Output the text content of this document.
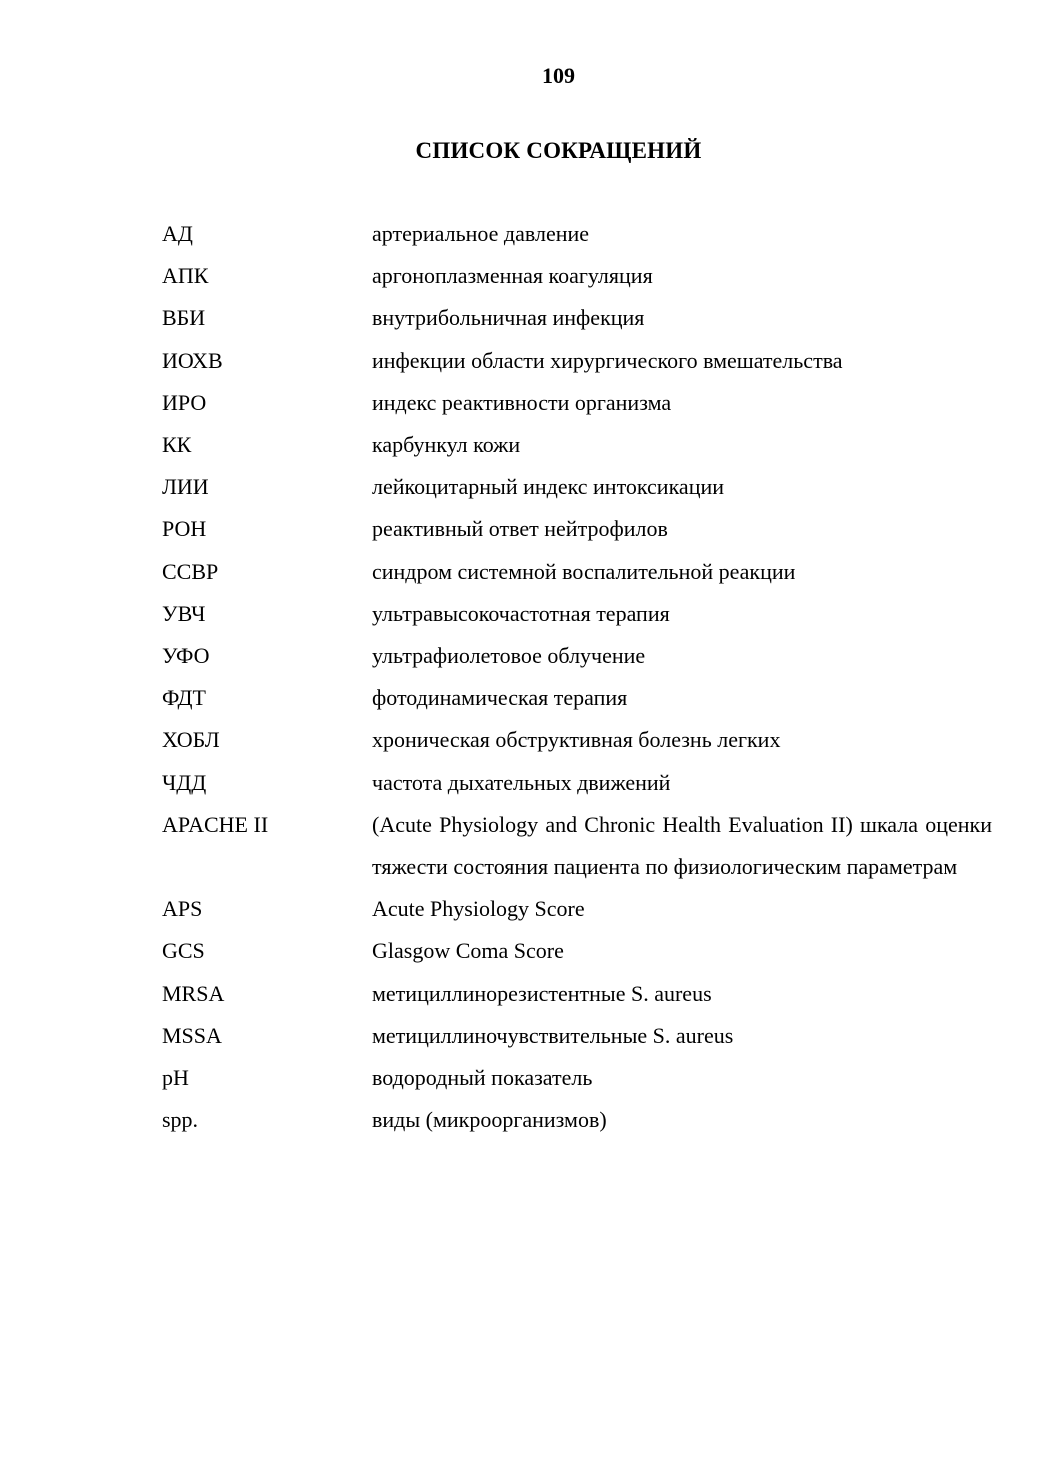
109
СПИСОК СОКРАЩЕНИЙ
АД	артериальное давление
АПК	аргоноплазменная коагуляция
ВБИ	внутрибольничная инфекция
ИОХВ	инфекции области хирургического вмешательства
ИРО	индекс реактивности организма
КК	карбункул кожи
ЛИИ	лейкоцитарный индекс интоксикации
РОН	реактивный ответ нейтрофилов
ССВР	синдром системной воспалительной реакции
УВЧ	ультравысокочастотная терапия
УФО	ультрафиолетовое облучение
ФДТ	фотодинамическая терапия
ХОБЛ	хроническая обструктивная болезнь легких
ЧДД	частота дыхательных движений
APACHE II	(Acute Physiology and Chronic Health Evaluation II) шкала оценки тяжести состояния пациента по физиологическим параметрам
APS	Acute Physiology Score
GCS	Glasgow Coma Score
MRSA	метициллинорезистентные S. aureus
MSSA	метициллиночувствительные S. aureus
pH	водородный показатель
spp.	виды (микроорганизмов)
